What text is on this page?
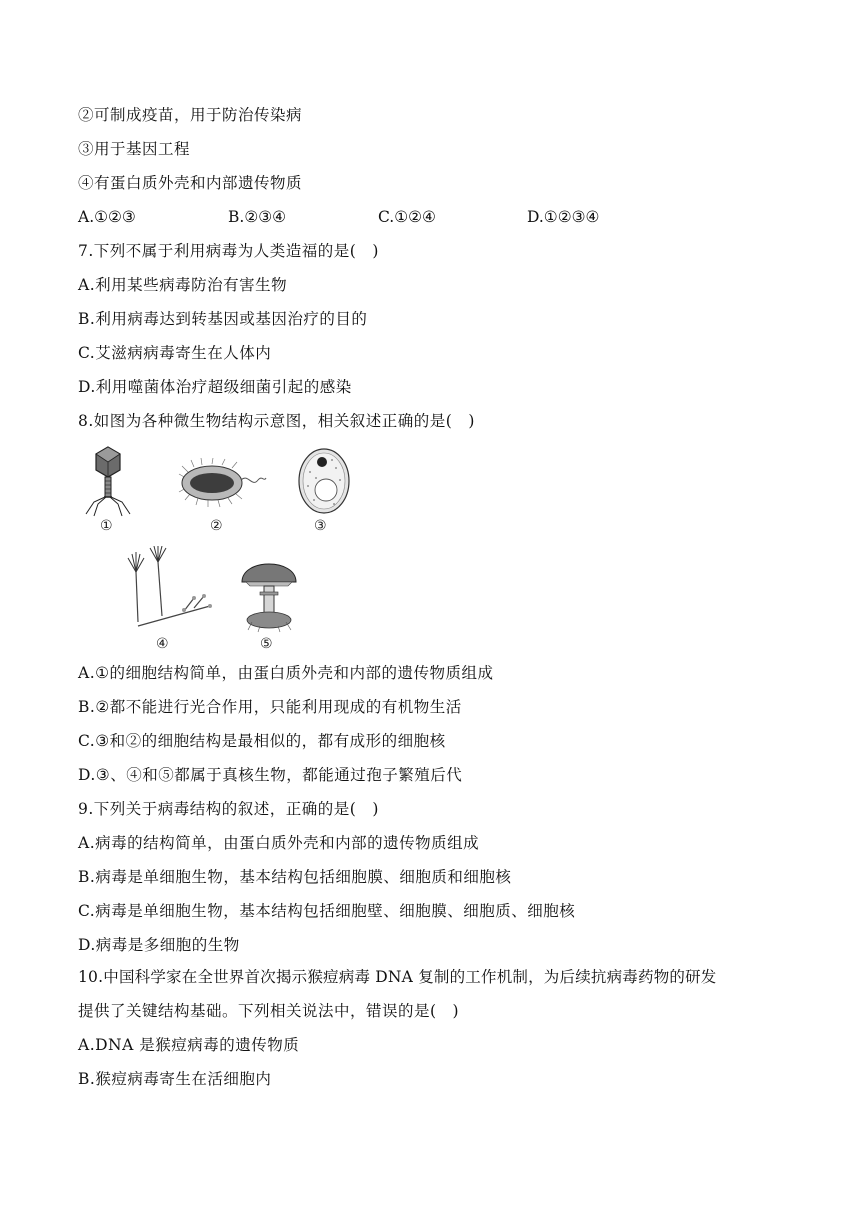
②可制成疫苗，用于防治传染病
③用于基因工程
④有蛋白质外壳和内部遗传物质
A.①②③	B.②③④	C.①②④	D.①②③④
7.下列不属于利用病毒为人类造福的是(　)
A.利用某些病毒防治有害生物
B.利用病毒达到转基因或基因治疗的目的
C.艾滋病病毒寄生在人体内
D.利用噬菌体治疗超级细菌引起的感染
8.如图为各种微生物结构示意图，相关叙述正确的是(　)
①	②	③
④	⑤
A.①的细胞结构简单，由蛋白质外壳和内部的遗传物质组成
B.②都不能进行光合作用，只能利用现成的有机物生活
C.③和②的细胞结构是最相似的，都有成形的细胞核
D.③、④和⑤都属于真核生物，都能通过孢子繁殖后代
9.下列关于病毒结构的叙述，正确的是(　)
A.病毒的结构简单，由蛋白质外壳和内部的遗传物质组成
B.病毒是单细胞生物，基本结构包括细胞膜、细胞质和细胞核
C.病毒是单细胞生物，基本结构包括细胞壁、细胞膜、细胞质、细胞核
D.病毒是多细胞的生物
10.中国科学家在全世界首次揭示猴痘病毒 DNA 复制的工作机制，为后续抗病毒药物的研发
提供了关键结构基础。下列相关说法中，错误的是(　)
A.DNA 是猴痘病毒的遗传物质
B.猴痘病毒寄生在活细胞内
